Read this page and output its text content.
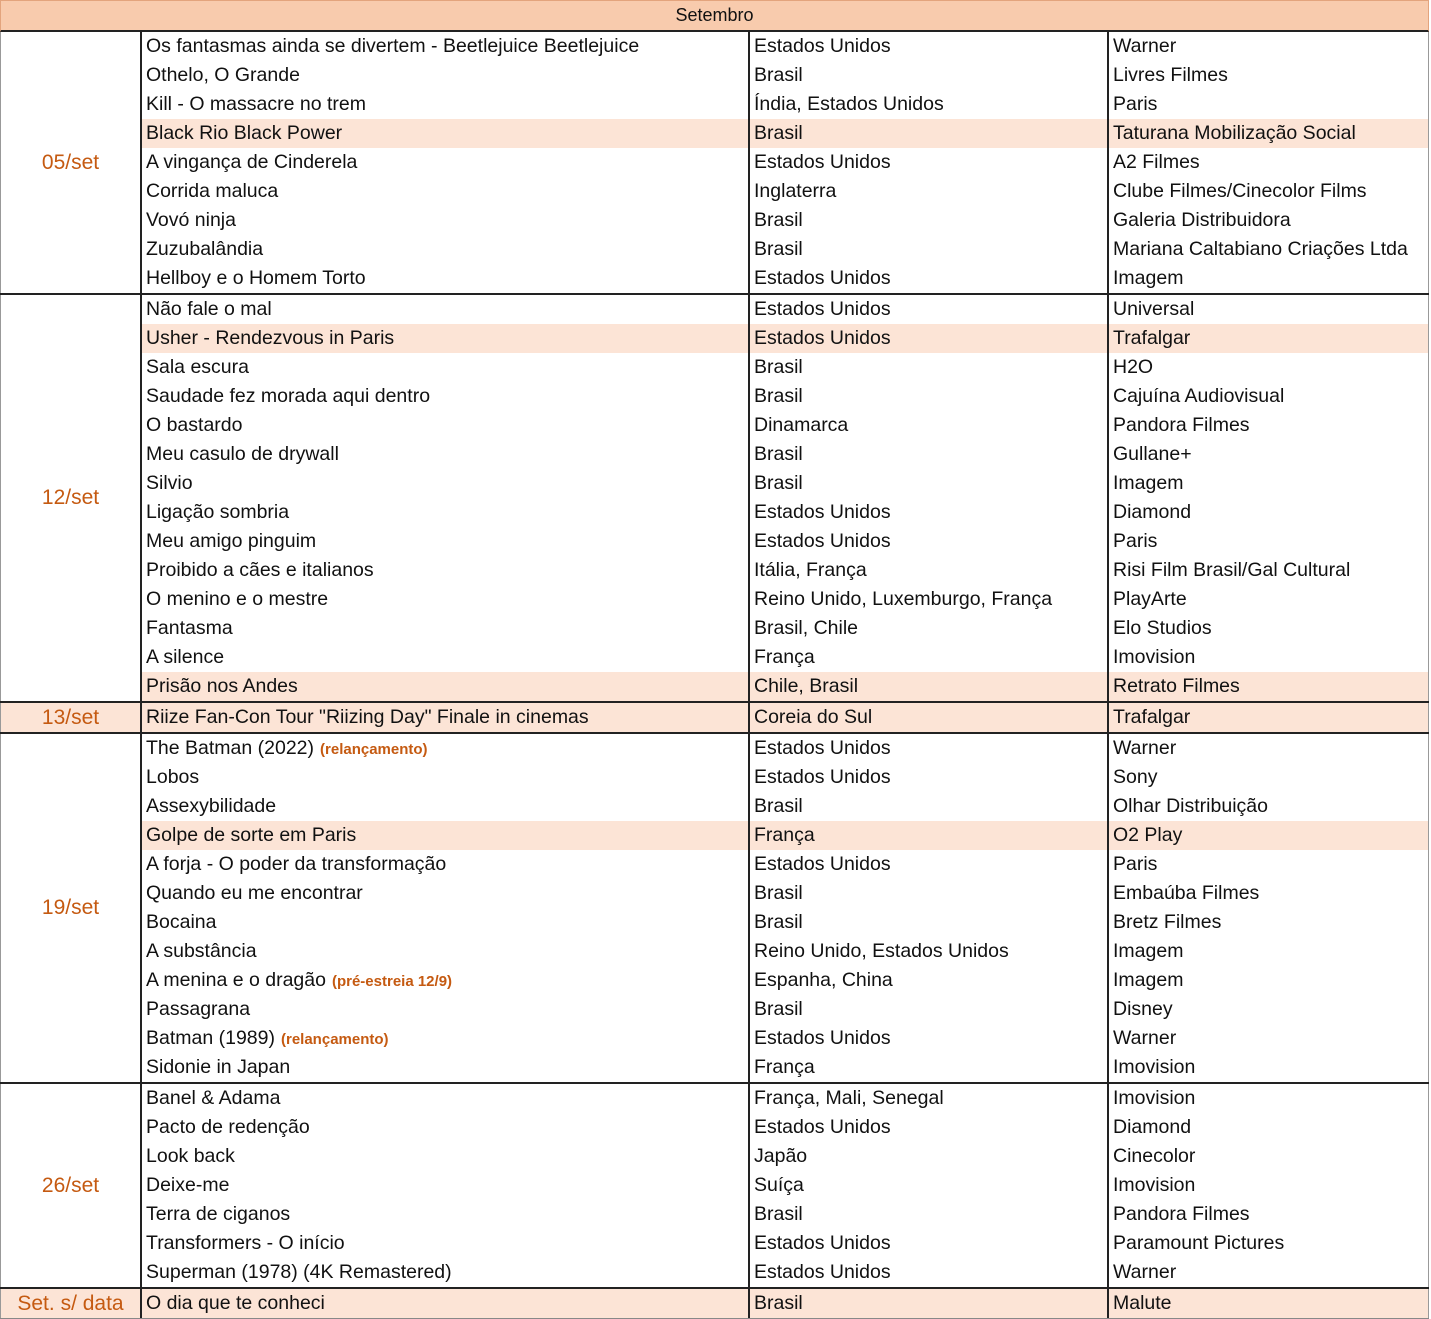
Setembro
05/set
Os fantasmas ainda se divertem - Beetlejuice Beetlejuice	Estados Unidos	Warner
Othelo, O Grande	Brasil	Livres Filmes
Kill - O massacre no trem	Índia, Estados Unidos	Paris
Black Rio Black Power	Brasil	Taturana Mobilização Social
A vingança de Cinderela	Estados Unidos	A2 Filmes
Corrida maluca	Inglaterra	Clube Filmes/Cinecolor Films
Vovó ninja	Brasil	Galeria Distribuidora
Zuzubalândia	Brasil	Mariana Caltabiano Criações Ltda
Hellboy e o Homem Torto	Estados Unidos	Imagem
12/set
Não fale o mal	Estados Unidos	Universal
Usher - Rendezvous in Paris	Estados Unidos	Trafalgar
Sala escura	Brasil	H2O
Saudade fez morada aqui dentro	Brasil	Cajuína Audiovisual
O bastardo	Dinamarca	Pandora Filmes
Meu casulo de drywall	Brasil	Gullane+
Silvio	Brasil	Imagem
Ligação sombria	Estados Unidos	Diamond
Meu amigo pinguim	Estados Unidos	Paris
Proibido a cães e italianos	Itália, França	Risi Film Brasil/Gal Cultural
O menino e o mestre	Reino Unido, Luxemburgo, França	PlayArte
Fantasma	Brasil, Chile	Elo Studios
A silence	França	Imovision
Prisão nos Andes	Chile, Brasil	Retrato Filmes
13/set	Riize Fan-Con Tour "Riizing Day" Finale in cinemas	Coreia do Sul	Trafalgar
19/set
The Batman (2022) (relançamento)	Estados Unidos	Warner
Lobos	Estados Unidos	Sony
Assexybilidade	Brasil	Olhar Distribuição
Golpe de sorte em Paris	França	O2 Play
A forja - O poder da transformação	Estados Unidos	Paris
Quando eu me encontrar	Brasil	Embaúba Filmes
Bocaina	Brasil	Bretz Filmes
A substância	Reino Unido, Estados Unidos	Imagem
A menina e o dragão (pré-estreia 12/9)	Espanha, China	Imagem
Passagrana	Brasil	Disney
Batman (1989) (relançamento)	Estados Unidos	Warner
Sidonie in Japan	França	Imovision
26/set
Banel & Adama	França, Mali, Senegal	Imovision
Pacto de redenção	Estados Unidos	Diamond
Look back	Japão	Cinecolor
Deixe-me	Suíça	Imovision
Terra de ciganos	Brasil	Pandora Filmes
Transformers - O início	Estados Unidos	Paramount Pictures
Superman (1978) (4K Remastered)	Estados Unidos	Warner
Set. s/ data	O dia que te conheci	Brasil	Malute
